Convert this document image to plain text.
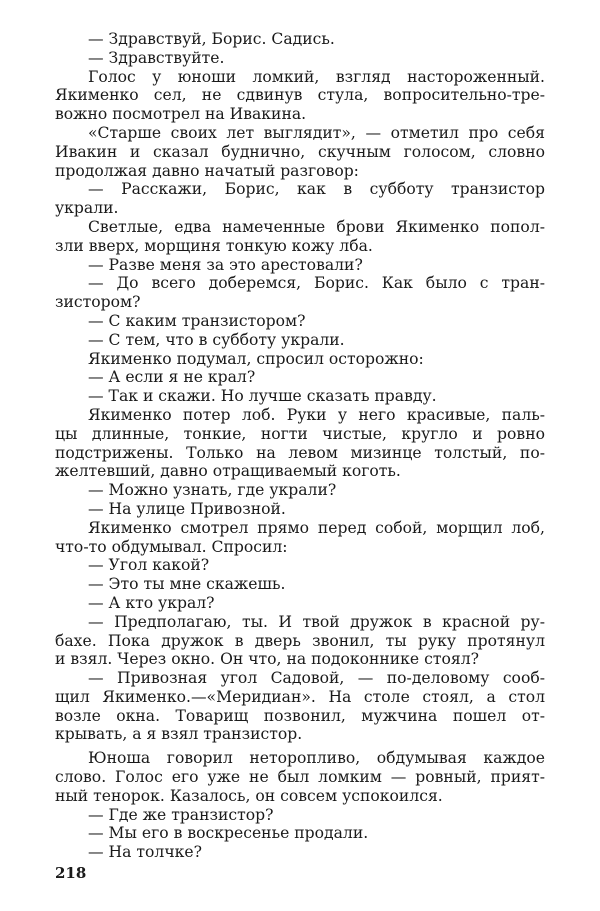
— Здравствуй, Борис. Садись.
— Здравствуйте.
Голос у юноши ломкий, взгляд настороженный.
Якименко сел, не сдвинув стула, вопросительно-тре-
вожно посмотрел на Ивакина.
«Старше своих лет выглядит», — отметил про себя
Ивакин и сказал буднично, скучным голосом, словно
продолжая давно начатый разговор:
— Расскажи, Борис, как в субботу транзистор
украли.
Светлые, едва намеченные брови Якименко попол-
зли вверх, морщиня тонкую кожу лба.
— Разве меня за это арестовали?
— До всего доберемся, Борис. Как было с тран-
зистором?
— С каким транзистором?
— С тем, что в субботу украли.
Якименко подумал, спросил осторожно:
— А если я не крал?
— Так и скажи. Но лучше сказать правду.
Якименко потер лоб. Руки у него красивые, паль-
цы длинные, тонкие, ногти чистые, кругло и ровно
подстрижены. Только на левом мизинце толстый, по-
желтевший, давно отращиваемый коготь.
— Можно узнать, где украли?
— На улице Привозной.
Якименко смотрел прямо перед собой, морщил лоб,
что-то обдумывал. Спросил:
— Угол какой?
— Это ты мне скажешь.
— А кто украл?
— Предполагаю, ты. И твой дружок в красной ру-
бахе. Пока дружок в дверь звонил, ты руку протянул
и взял. Через окно. Он что, на подоконнике стоял?
— Привозная угол Садовой, — по-деловому сооб-
щил Якименко.—«Меридиан». На столе стоял, а стол
возле окна. Товарищ позвонил, мужчина пошел от-
крывать, а я взял транзистор.
Юноша говорил неторопливо, обдумывая каждое
слово. Голос его уже не был ломким — ровный, прият-
ный тенорок. Казалось, он совсем успокоился.
— Где же транзистор?
— Мы его в воскресенье продали.
— На толчке?
218
